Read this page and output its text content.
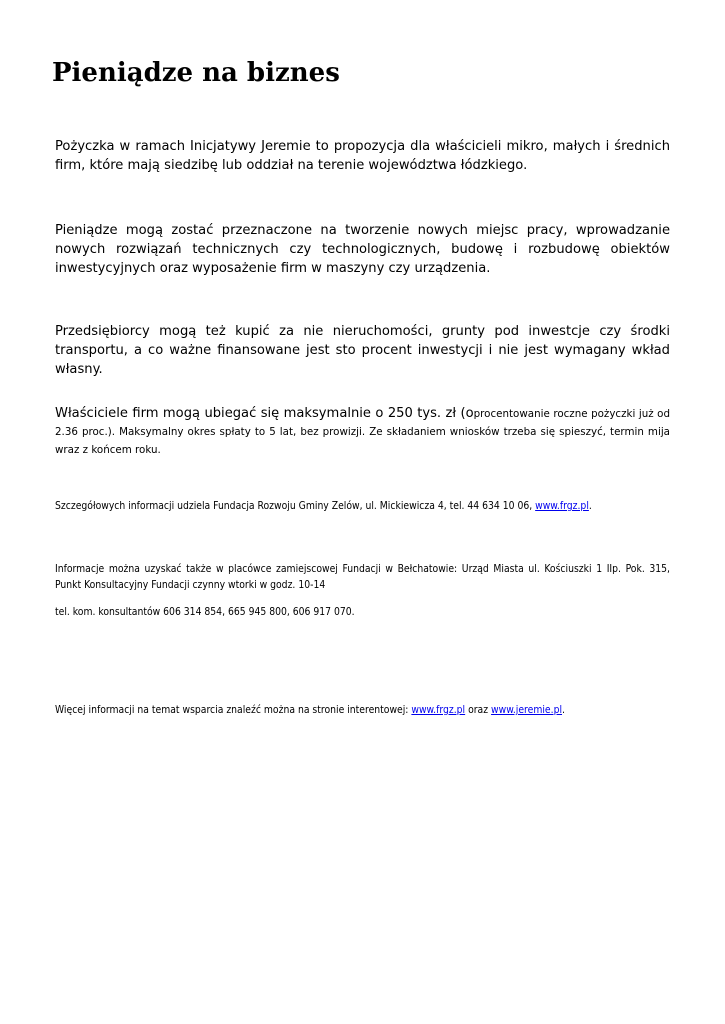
Pieniądze na biznes

Pożyczka w ramach Inicjatywy Jeremie to propozycja dla właścicieli mikro, małych i średnich firm, które mają siedzibę lub oddział na terenie województwa łódzkiego.

Pieniądze mogą zostać przeznaczone na tworzenie nowych miejsc pracy, wprowadzanie nowych rozwiązań technicznych czy technologicznych, budowę i rozbudowę obiektów inwestycyjnych oraz wyposażenie firm w maszyny czy urządzenia.

Przedsiębiorcy mogą też kupić za nie nieruchomości, grunty pod inwestcje czy środki transportu, a co ważne finansowane jest sto procent inwestycji i nie jest wymagany wkład własny.

Właściciele firm mogą ubiegać się maksymalnie o 250 tys. zł (oprocentowanie roczne pożyczki już od 2.36 proc.). Maksymalny okres spłaty to 5 lat, bez prowizji. Ze składaniem wniosków trzeba się spieszyć, termin mija wraz z końcem roku.

Szczegółowych informacji udziela Fundacja Rozwoju Gminy Zelów, ul. Mickiewicza 4, tel. 44 634 10 06, www.frgz.pl.

Informacje można uzyskać także w placówce zamiejscowej Fundacji w Bełchatowie: Urząd Miasta ul. Kościuszki 1 IIp. Pok. 315, Punkt Konsultacyjny Fundacji czynny wtorki w godz. 10-14

tel. kom. konsultantów 606 314 854, 665 945 800, 606 917 070.

Więcej informacji na temat wsparcia znaleźć można na stronie interentowej: www.frgz.pl oraz www.jeremie.pl.
